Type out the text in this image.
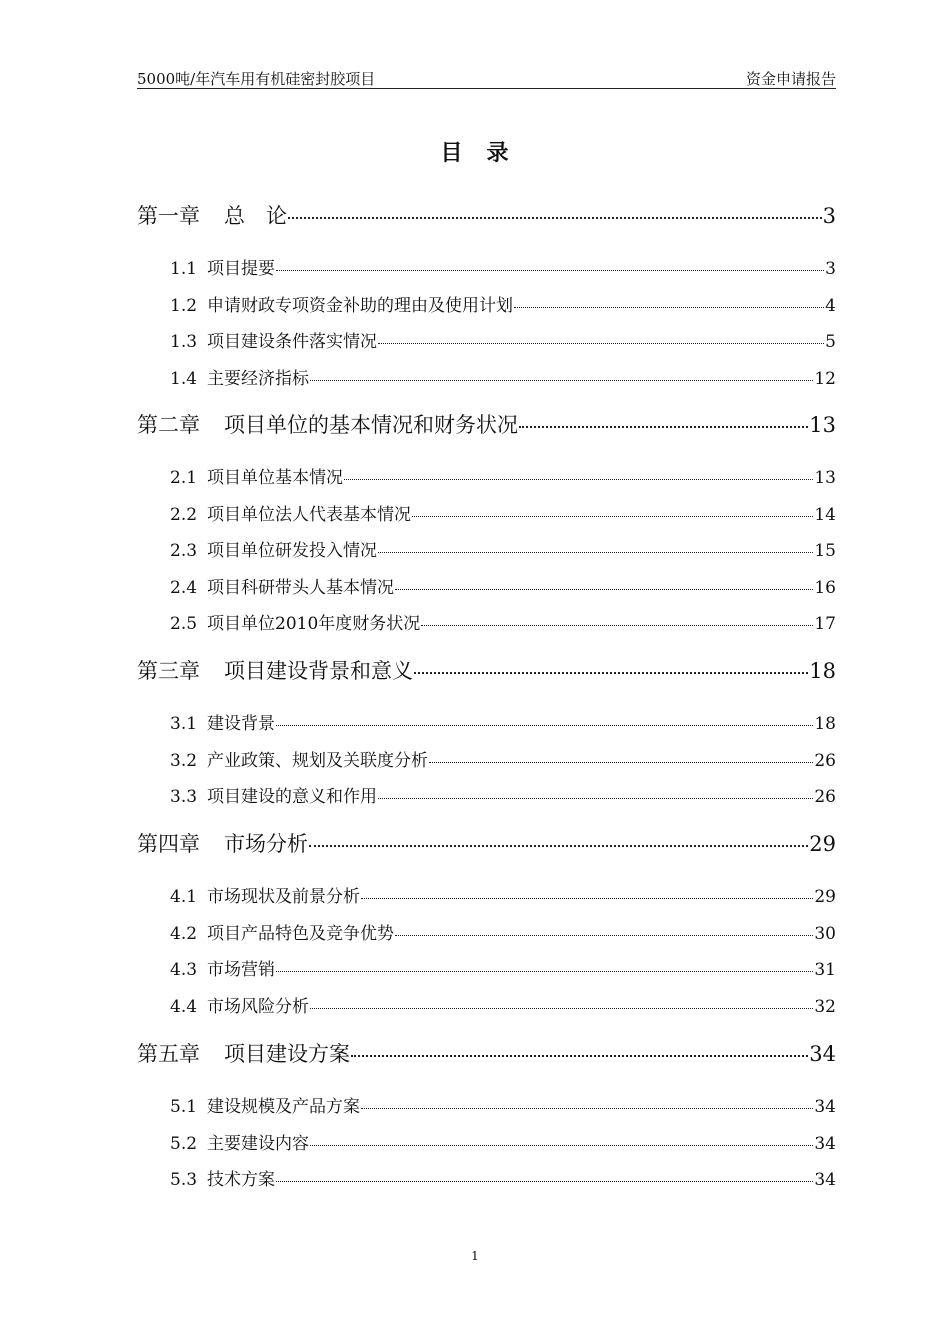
5000吨/年汽车用有机硅密封胶项目	资金申请报告
目　录
第一章 总　论	3
1.1 项目提要	3
1.2 申请财政专项资金补助的理由及使用计划	4
1.3 项目建设条件落实情况	5
1.4 主要经济指标	12
第二章 项目单位的基本情况和财务状况	13
2.1 项目单位基本情况	13
2.2 项目单位法人代表基本情况	14
2.3 项目单位研发投入情况	15
2.4 项目科研带头人基本情况	16
2.5 项目单位2010年度财务状况	17
第三章 项目建设背景和意义	18
3.1 建设背景	18
3.2 产业政策、规划及关联度分析	26
3.3 项目建设的意义和作用	26
第四章 市场分析	29
4.1 市场现状及前景分析	29
4.2 项目产品特色及竞争优势	30
4.3 市场营销	31
4.4 市场风险分析	32
第五章 项目建设方案	34
5.1 建设规模及产品方案	34
5.2 主要建设内容	34
5.3 技术方案	34
1
